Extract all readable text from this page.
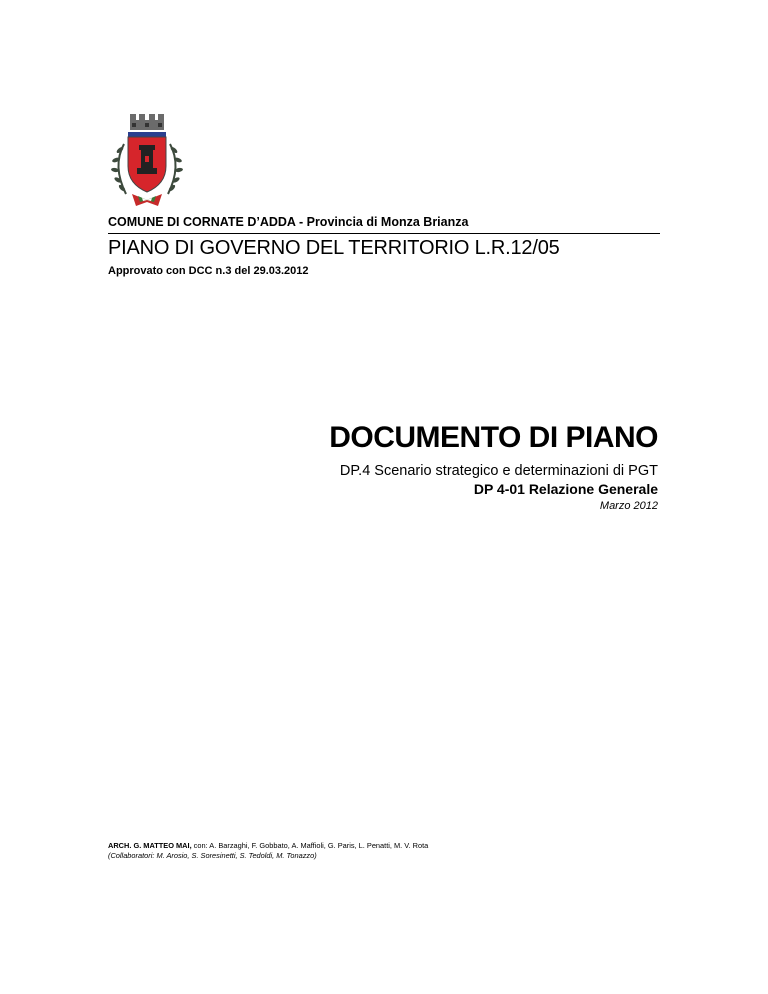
COMUNE DI CORNATE D’ADDA - Provincia di Monza Brianza
PIANO DI GOVERNO DEL TERRITORIO L.R.12/05
Approvato con DCC n.3 del 29.03.2012
DOCUMENTO DI PIANO
DP.4 Scenario strategico e determinazioni di PGT
DP 4-01 Relazione Generale
Marzo 2012
ARCH. G. MATTEO MAI, con: A. Barzaghi, F. Gobbato, A. Maffioli, G. Paris, L. Penatti, M. V. Rota
(Collaboratori: M. Arosio, S. Soresinetti, S. Tedoldi, M. Tonazzo)
